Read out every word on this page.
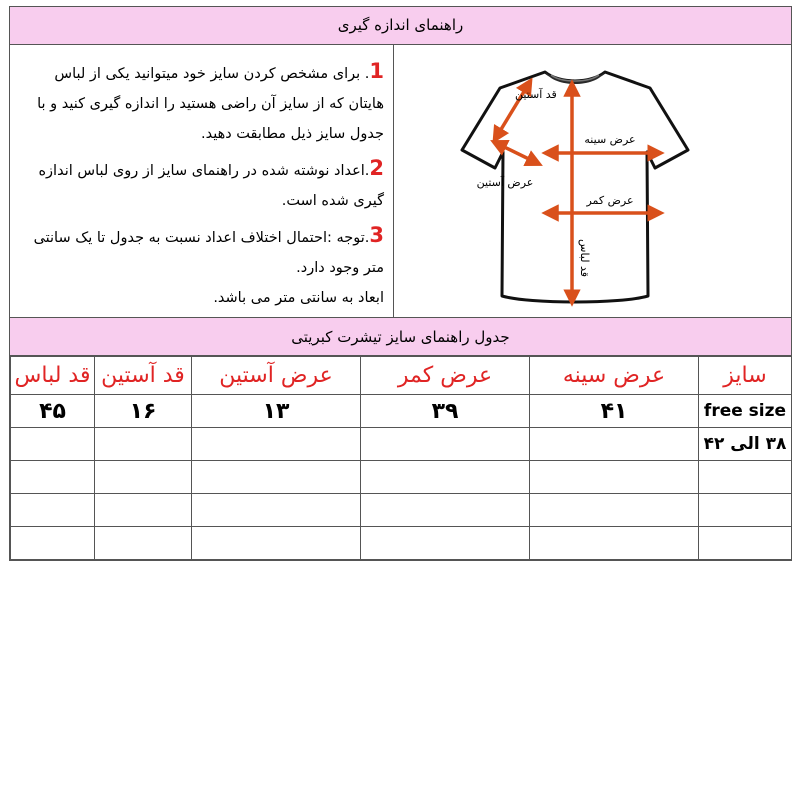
راهنمای اندازه گیری

1. برای مشخص کردن سایز خود میتوانید یکی از لباس هایتان که از سایز آن راضی هستید را اندازه گیری کنید و با جدول سایز ذیل مطابقت دهید.

2.اعداد نوشته شده در راهنمای سایز از روی لباس اندازه گیری شده است.

3.توجه :احتمال اختلاف اعداد نسبت به جدول تا یک سانتی متر وجود دارد.

ابعاد به سانتی متر می باشد.

قد آستین
عرض سینه
عرض آستین
عرض کمر
قد لباس
جدول راهنمای سایز تیشرت کبریتی
قد لباس	قد آستین	عرض آستین	عرض کمر	عرض سینه	سایز
۴۵	۱۶	۱۳	۳۹	۴۱	free size
					۳۸ الی ۴۲
